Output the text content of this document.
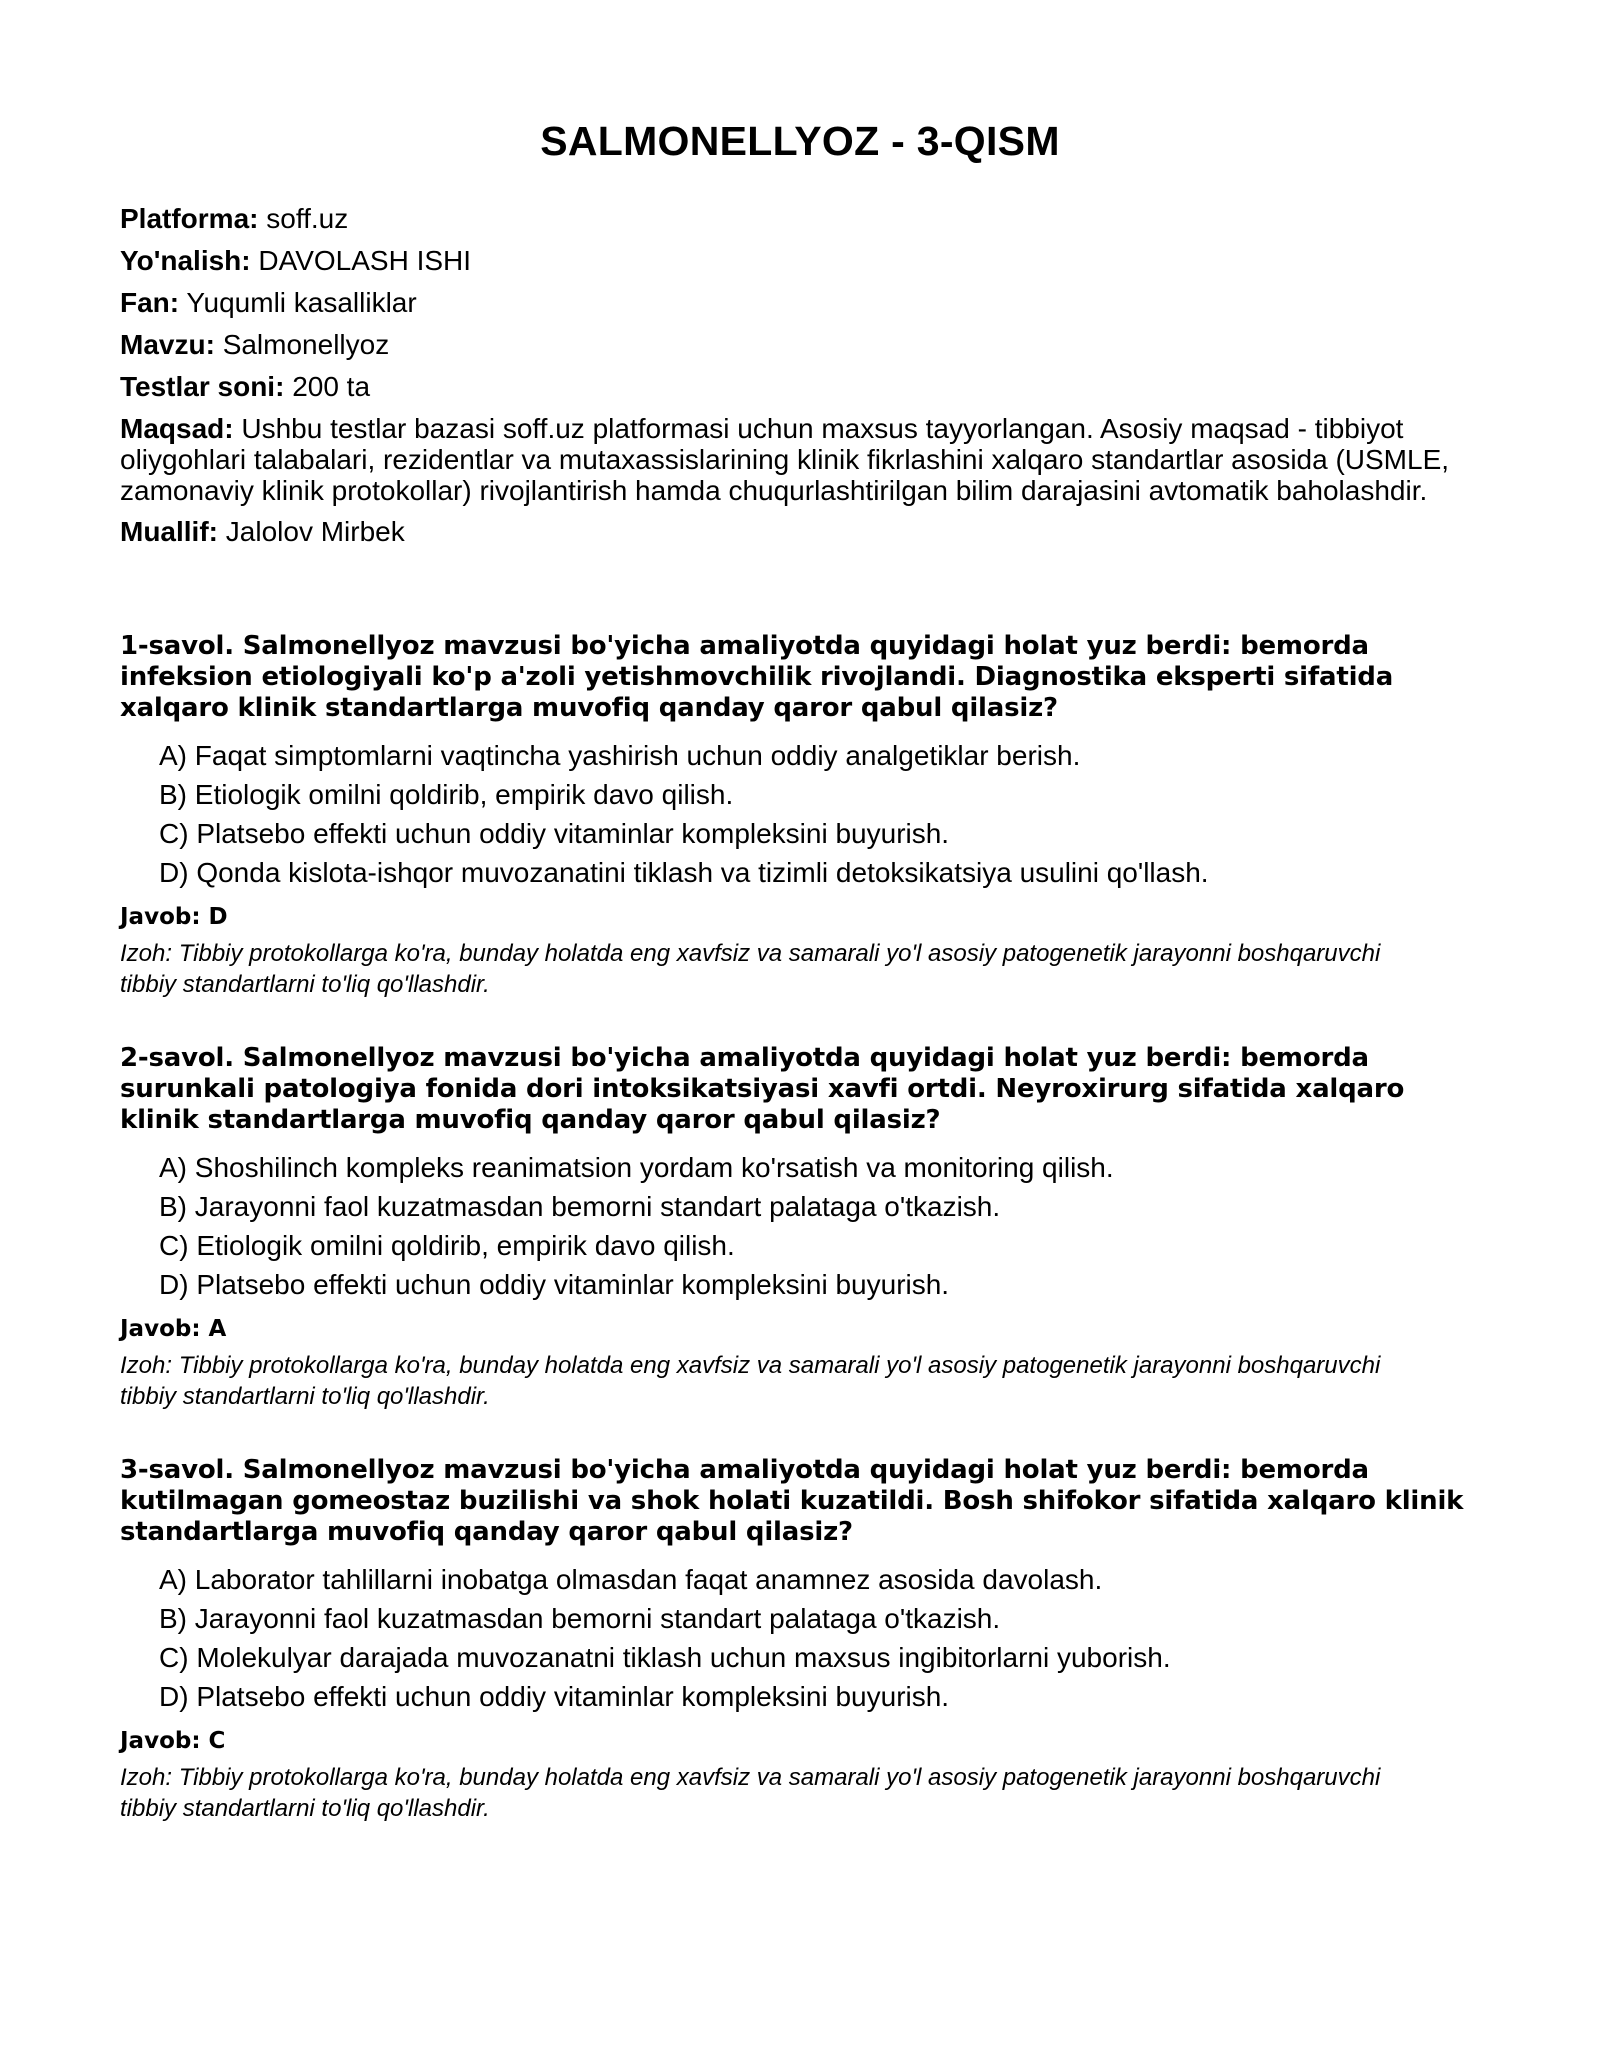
SALMONELLYOZ - 3-QISM

Platforma: soff.uz

Yo'nalish: DAVOLASH ISHI

Fan: Yuqumli kasalliklar

Mavzu: Salmonellyoz

Testlar soni: 200 ta

Maqsad: Ushbu testlar bazasi soff.uz platformasi uchun maxsus tayyorlangan. Asosiy maqsad - tibbiyot oliygohlari talabalari, rezidentlar va mutaxassislarining klinik fikrlashini xalqaro standartlar asosida (USMLE, zamonaviy klinik protokollar) rivojlantirish hamda chuqurlashtirilgan bilim darajasini avtomatik baholashdir.

Muallif: Jalolov Mirbek

1-savol. Salmonellyoz mavzusi bo'yicha amaliyotda quyidagi holat yuz berdi: bemorda infeksion etiologiyali ko'p a'zoli yetishmovchilik rivojlandi. Diagnostika eksperti sifatida xalqaro klinik standartlarga muvofiq qanday qaror qabul qilasiz?

A) Faqat simptomlarni vaqtincha yashirish uchun oddiy analgetiklar berish.
B) Etiologik omilni qoldirib, empirik davo qilish.
C) Platsebo effekti uchun oddiy vitaminlar kompleksini buyurish.
D) Qonda kislota-ishqor muvozanatini tiklash va tizimli detoksikatsiya usulini qo'llash.

Javob: D

Izoh: Tibbiy protokollarga ko'ra, bunday holatda eng xavfsiz va samarali yo'l asosiy patogenetik jarayonni boshqaruvchi tibbiy standartlarni to'liq qo'llashdir.

2-savol. Salmonellyoz mavzusi bo'yicha amaliyotda quyidagi holat yuz berdi: bemorda surunkali patologiya fonida dori intoksikatsiyasi xavfi ortdi. Neyroxirurg sifatida xalqaro klinik standartlarga muvofiq qanday qaror qabul qilasiz?

A) Shoshilinch kompleks reanimatsion yordam ko'rsatish va monitoring qilish.
B) Jarayonni faol kuzatmasdan bemorni standart palataga o'tkazish.
C) Etiologik omilni qoldirib, empirik davo qilish.
D) Platsebo effekti uchun oddiy vitaminlar kompleksini buyurish.

Javob: A

Izoh: Tibbiy protokollarga ko'ra, bunday holatda eng xavfsiz va samarali yo'l asosiy patogenetik jarayonni boshqaruvchi tibbiy standartlarni to'liq qo'llashdir.

3-savol. Salmonellyoz mavzusi bo'yicha amaliyotda quyidagi holat yuz berdi: bemorda kutilmagan gomeostaz buzilishi va shok holati kuzatildi. Bosh shifokor sifatida xalqaro klinik standartlarga muvofiq qanday qaror qabul qilasiz?

A) Laborator tahlillarni inobatga olmasdan faqat anamnez asosida davolash.
B) Jarayonni faol kuzatmasdan bemorni standart palataga o'tkazish.
C) Molekulyar darajada muvozanatni tiklash uchun maxsus ingibitorlarni yuborish.
D) Platsebo effekti uchun oddiy vitaminlar kompleksini buyurish.

Javob: C

Izoh: Tibbiy protokollarga ko'ra, bunday holatda eng xavfsiz va samarali yo'l asosiy patogenetik jarayonni boshqaruvchi tibbiy standartlarni to'liq qo'llashdir.
